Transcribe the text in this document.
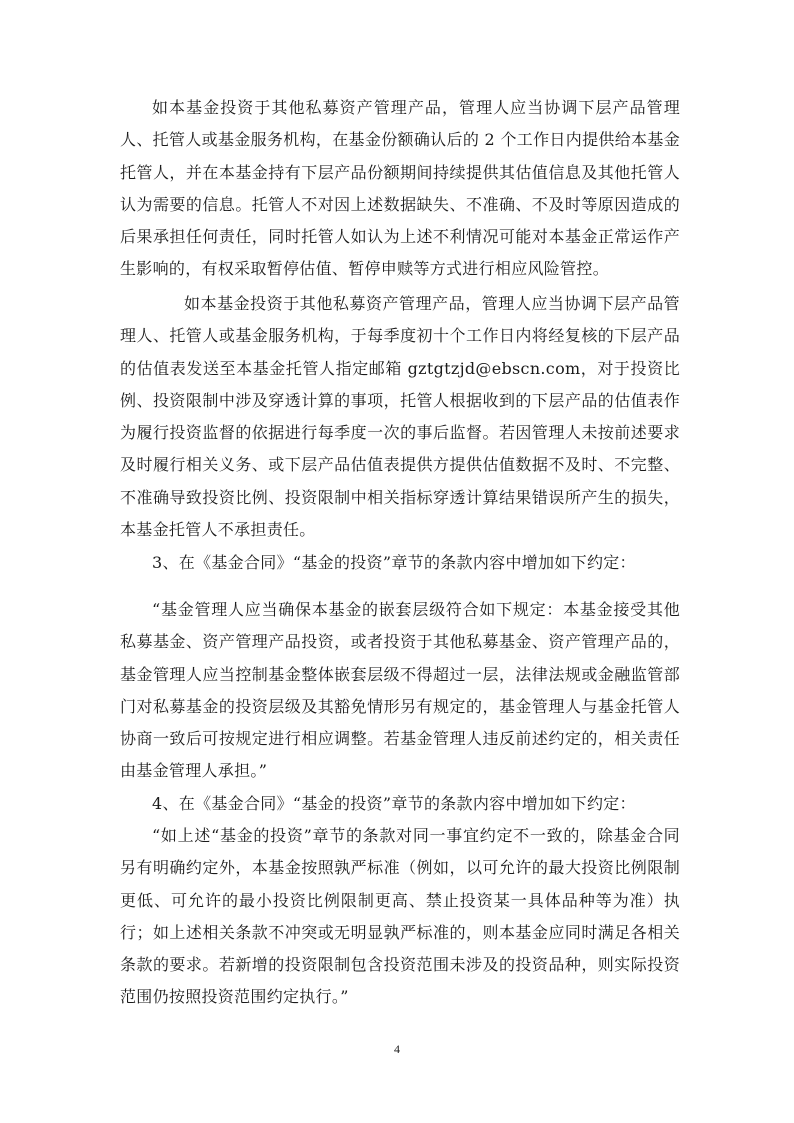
如本基金投资于其他私募资产管理产品，管理人应当协调下层产品管理人、托管人或基金服务机构，在基金份额确认后的 2 个工作日内提供给本基金托管人，并在本基金持有下层产品份额期间持续提供其估值信息及其他托管人认为需要的信息。托管人不对因上述数据缺失、不准确、不及时等原因造成的后果承担任何责任，同时托管人如认为上述不利情况可能对本基金正常运作产生影响的，有权采取暂停估值、暂停申赎等方式进行相应风险管控。

如本基金投资于其他私募资产管理产品，管理人应当协调下层产品管理人、托管人或基金服务机构，于每季度初十个工作日内将经复核的下层产品的估值表发送至本基金托管人指定邮箱 gztgtzjd@ebscn.com，对于投资比例、投资限制中涉及穿透计算的事项，托管人根据收到的下层产品的估值表作为履行投资监督的依据进行每季度一次的事后监督。若因管理人未按前述要求及时履行相关义务、或下层产品估值表提供方提供估值数据不及时、不完整、不准确导致投资比例、投资限制中相关指标穿透计算结果错误所产生的损失，本基金托管人不承担责任。

3、在《基金合同》“基金的投资”章节的条款内容中增加如下约定：

“基金管理人应当确保本基金的嵌套层级符合如下规定：本基金接受其他私募基金、资产管理产品投资，或者投资于其他私募基金、资产管理产品的，基金管理人应当控制基金整体嵌套层级不得超过一层，法律法规或金融监管部门对私募基金的投资层级及其豁免情形另有规定的，基金管理人与基金托管人协商一致后可按规定进行相应调整。若基金管理人违反前述约定的，相关责任由基金管理人承担。”

4、在《基金合同》“基金的投资”章节的条款内容中增加如下约定：

“如上述“基金的投资”章节的条款对同一事宜约定不一致的，除基金合同另有明确约定外，本基金按照孰严标准（例如，以可允许的最大投资比例限制更低、可允许的最小投资比例限制更高、禁止投资某一具体品种等为准）执行；如上述相关条款不冲突或无明显孰严标准的，则本基金应同时满足各相关条款的要求。若新增的投资限制包含投资范围未涉及的投资品种，则实际投资范围仍按照投资范围约定执行。”

4
